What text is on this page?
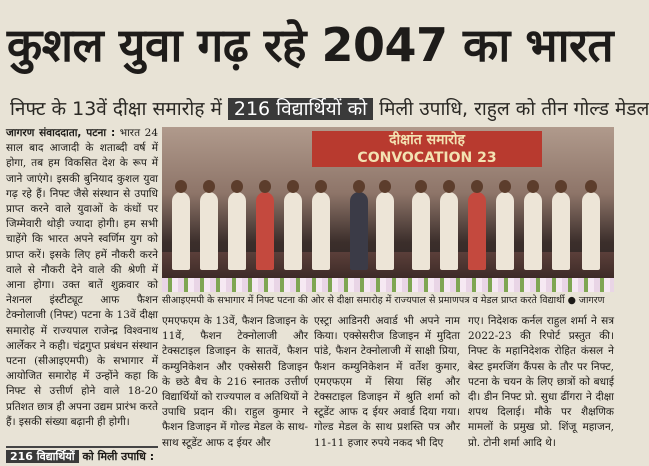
कुशल युवा गढ़ रहे 2047 का भारत
निफ्ट के 13वें दीक्षा समारोह में 216 विद्यार्थियों को मिली उपाधि, राहुल को तीन गोल्ड मेडल
जागरण संवाददाता, पटना : भारत 24 साल बाद आजादी के शताब्दी वर्ष में होगा, तब हम विकसित देश के रूप में जाने जाएंगे। इसकी बुनियाद कुशल युवा गढ़ रहे हैं। निफ्ट जैसे संस्थान से उपाधि प्राप्त करने वाले युवाओं के कंधों पर जिम्मेवारी थोड़ी ज्यादा होगी। हम सभी चाहेंगे कि भारत अपने स्वर्णिम युग को प्राप्त करें। इसके लिए हमें नौकरी करने वाले से नौकरी देने वाले की श्रेणी में आना होगा। उक्त बातें शुक्रवार को नेशनल इंस्टीट्यूट आफ फैशन टेक्नोलाजी (निफ्ट) पटना के 13वें दीक्षा समारोह में राज्यपाल राजेन्द्र विश्वनाथ आर्लेकर ने कही। चंद्रगुप्त प्रबंधन संस्थान पटना (सीआइएमपी) के सभागार में आयोजित समारोह में उन्होंने कहा कि निफ्ट से उत्तीर्ण होने वाले 18-20 प्रतिशत छात्र ही अपना उद्यम प्रारंभ करते हैं। इसकी संख्या बढ़ानी ही होगी।
दीक्षांत समारोह
CONVOCATION 23
सीआइएमपी के सभागार में निफ्ट पटना की ओर से दीक्षा समारोह में राज्यपाल से प्रमाणपत्र व मेडल प्राप्त करते विद्यार्थी ● जागरण
एमएफएम के 13वें, फैशन डिजाइन के 11वें, फैशन टेक्नोलाजी और टेक्सटाइल डिजाइन के सातवें, फैशन कम्युनिकेशन और एक्सेसरी डिजाइन के छठे बैच के 216 स्नातक उत्तीर्ण विद्यार्थियों को राज्यपाल व अतिथियों ने उपाधि प्रदान की। राहुल कुमार ने फैशन डिजाइन में गोल्ड मेडल के साथ-साथ स्टूडेंट आफ द ईयर और
एस्ट्रा आडिनरी अवार्ड भी अपने नाम किया। एक्सेसरीज डिजाइन में मुदिता पांडे, फैशन टेक्नोलाजी में साक्षी प्रिया, फैशन कम्युनिकेशन में वर्तेश कुमार, एमएफएम में सिया सिंह और टेक्सटाइल डिजाइन में श्रुति शर्मा को स्टूडेंट आफ द ईयर अवार्ड दिया गया। गोल्ड मेडल के साथ प्रशस्ति पत्र और 11-11 हजार रुपये नकद भी दिए
गए। निदेशक कर्नल राहुल शर्मा ने सत्र 2022-23 की रिपोर्ट प्रस्तुत की। निफ्ट के महानिदेशक रोहित कंसल ने बेस्ट इमरजिंग कैंपस के तौर पर निफ्ट, पटना के चयन के लिए छात्रों को बधाई दी। डीन निफ्ट प्रो. सुधा ढींगरा ने दीक्षा शपथ दिलाई। मौके पर शैक्षणिक मामलों के प्रमुख प्रो. शिंजू महाजन, प्रो. टोनी शर्मा आदि थे।
216 विद्यार्थियों को मिली उपाधि :
